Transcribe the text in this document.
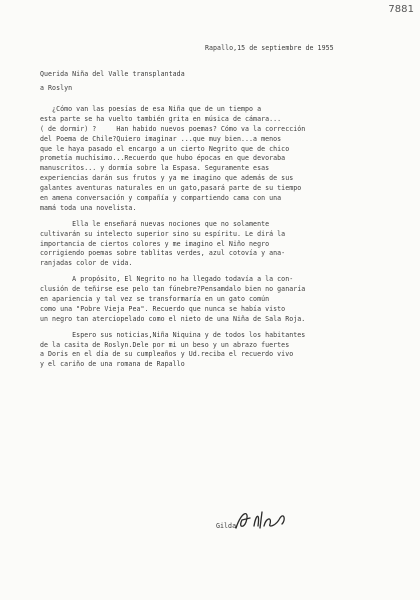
7881
Rapallo,15 de septiembre de 1955
Querida Niña del Valle transplantada
a Roslyn
¿Cómo van las poesías de esa Niña que de un tiempo a
esta parte se ha vuelto también grita en música de cámara...
( de dormir) ?     Han habido nuevos poemas? Cómo va la corrección
del Poema de Chile?Quiero imaginar ...que muy bien...a menos
que le haya pasado el encargo a un cierto Negrito que de chico
prometía muchísimo...Recuerdo que hubo épocas en que devoraba
manuscritos... y dormía sobre la Espasa. Seguramente esas
experiencias darán sus frutos y ya me imagino que además de sus
galantes aventuras naturales en un gato,pasará parte de su tiempo
en amena conversación y compañía y compartiendo cama con una
mamá toda una novelista.
Ella le enseñará nuevas nociones que no solamente
cultivarán su intelecto superior sino su espíritu. Le dirá la
importancia de ciertos colores y me imagino el Niño negro
corrigiendo poemas sobre tablitas verdes, azul cotovía y ana-
ranjadas color de vida.
A propósito, El Negrito no ha llegado todavía a la con-
clusión de teñirse ese pelo tan fúnebre?Pensamdalo bien no ganaría
en apariencia y tal vez se transformaría en un gato común
como una "Pobre Vieja Pea". Recuerdo que nunca se había visto
un negro tan aterciopelado como el nieto de una Niña de Sala Roja.
Espero sus noticias,Niña Niquina y de todos los habitantes
de la casita de Roslyn.Dele por mi un beso y un abrazo fuertes
a Doris en el día de su cumpleaños y Ud.reciba el recuerdo vivo
y el cariño de una romana de Rapallo
Gilda
